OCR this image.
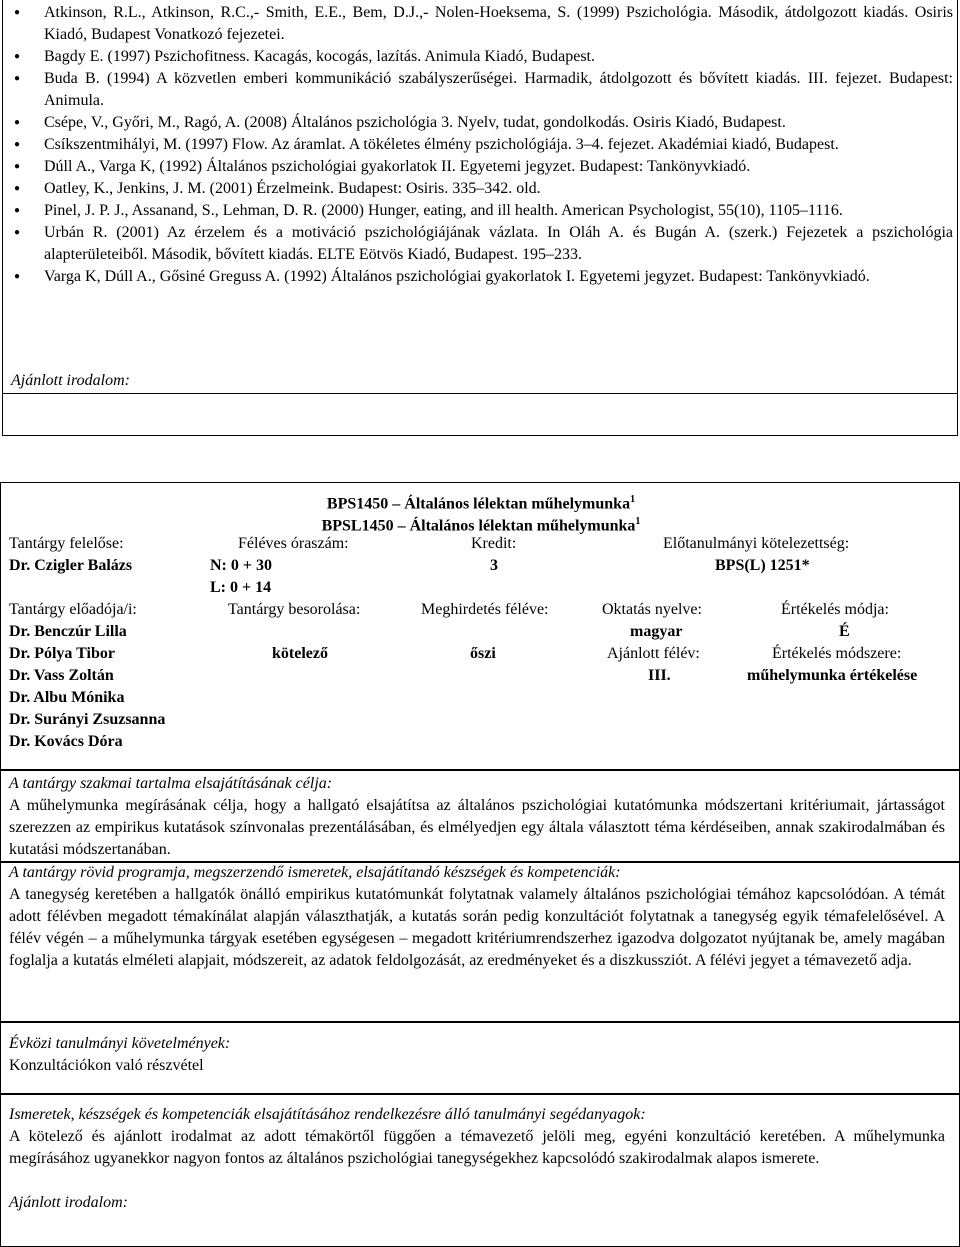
● Atkinson, R.L., Atkinson, R.C.,- Smith, E.E., Bem, D.J.,- Nolen-Hoeksema, S. (1999) Pszichológia. Második, átdolgozott kiadás. Osiris Kiadó, Budapest Vonatkozó fejezetei.
● Bagdy E. (1997) Pszichofitness. Kacagás, kocogás, lazítás. Animula Kiadó, Budapest.
● Buda B. (1994) A közvetlen emberi kommunikáció szabályszerűségei. Harmadik, átdolgozott és bővített kiadás. III. fejezet. Budapest: Animula.
● Csépe, V., Győri, M., Ragó, A. (2008) Általános pszichológia 3. Nyelv, tudat, gondolkodás. Osiris Kiadó, Budapest.
● Csíkszentmihályi, M. (1997) Flow. Az áramlat. A tökéletes élmény pszichológiája. 3–4. fejezet. Akadémiai kiadó, Budapest.
● Dúll A., Varga K, (1992) Általános pszichológiai gyakorlatok II. Egyetemi jegyzet. Budapest: Tankönyvkiadó.
● Oatley, K., Jenkins, J. M. (2001) Érzelmeink. Budapest: Osiris. 335–342. old.
● Pinel, J. P. J., Assanand, S., Lehman, D. R. (2000) Hunger, eating, and ill health. American Psychologist, 55(10), 1105–1116.
● Urbán R. (2001) Az érzelem és a motiváció pszichológiájának vázlata. In Oláh A. és Bugán A. (szerk.) Fejezetek a pszichológia alapterületeiből. Második, bővített kiadás. ELTE Eötvös Kiadó, Budapest. 195–233.
● Varga K, Dúll A., Gősiné Greguss A. (1992) Általános pszichológiai gyakorlatok I. Egyetemi jegyzet. Budapest: Tankönyvkiadó.
Ajánlott irodalom:
BPS1450 – Általános lélektan műhelymunka$^1$
BPSL1450 – Általános lélektan műhelymunka$^1$
Tantárgy felelőse:
Dr. Czigler Balázs
Féléves óraszám:
N: 0 + 30
L: 0 + 14
Kredit:
3
Előtanulmányi kötelezettség:
BPS(L) 1251*
Tantárgy előadója/i:
Dr. Benczúr Lilla
Dr. Pólya Tibor
Dr. Vass Zoltán
Dr. Albu Mónika
Dr. Surányi Zsuzsanna
Dr. Kovács Dóra
Tantárgy besorolása:
kötelező
Meghirdetés féléve:
őszi
Oktatás nyelve:
magyar
Ajánlott félév:
III.
Értékelés módja:
É
Értékelés módszere:
műhelymunka értékelése
A tantárgy szakmai tartalma elsajátításának célja:
A műhelymunka megírásának célja, hogy a hallgató elsajátítsa az általános pszichológiai kutatómunka módszertani kritériumait, jártasságot szerezzen az empirikus kutatások színvonalas prezentálásában, és elmélyedjen egy általa választott téma kérdéseiben, annak szakirodalmában és kutatási módszertanában.
A tantárgy rövid programja, megszerzendő ismeretek, elsajátítandó készségek és kompetenciák:
A tanegység keretében a hallgatók önálló empirikus kutatómunkát folytatnak valamely általános pszichológiai témához kapcsolódóan. A témát adott félévben megadott témakínálat alapján választhatják, a kutatás során pedig konzultációt folytatnak a tanegység egyik témafelelősével. A félév végén – a műhelymunka tárgyak esetében egységesen – megadott kritériumrendszerhez igazodva dolgozatot nyújtanak be, amely magában foglalja a kutatás elméleti alapjait, módszereit, az adatok feldolgozását, az eredményeket és a diszkussziót. A félévi jegyet a témavezető adja.
Évközi tanulmányi követelmények:
Konzultációkon való részvétel
Ismeretek, készségek és kompetenciák elsajátításához rendelkezésre álló tanulmányi segédanyagok:
A kötelező és ajánlott irodalmat az adott témakörtől függően a témavezető jelöli meg, egyéni konzultáció keretében. A műhelymunka megírásához ugyanekkor nagyon fontos az általános pszichológiai tanegységekhez kapcsolódó szakirodalmak alapos ismerete.
Ajánlott irodalom:
